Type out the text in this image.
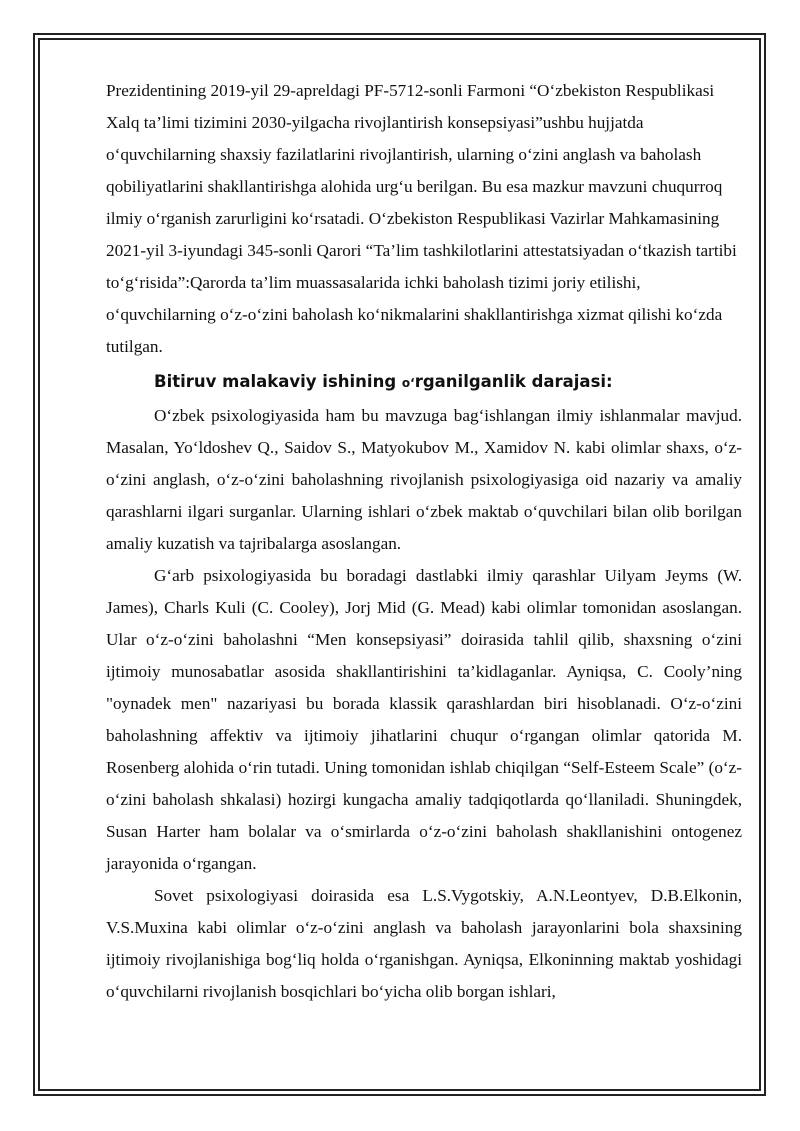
Prezidentining 2019-yil 29-apreldagi PF-5712-sonli Farmoni “O‘zbekiston Respublikasi Xalq ta’limi tizimini 2030-yilgacha rivojlantirish konsepsiyasi”ushbu hujjatda o‘quvchilarning shaxsiy fazilatlarini rivojlantirish, ularning o‘zini anglash va baholash qobiliyatlarini shakllantirishga alohida urg‘u berilgan. Bu esa mazkur mavzuni chuqurroq ilmiy o‘rganish zarurligini ko‘rsatadi. O‘zbekiston Respublikasi Vazirlar Mahkamasining 2021-yil 3-iyundagi 345-sonli Qarori “Ta’lim tashkilotlarini attestatsiyadan o‘tkazish tartibi to‘g‘risida”:Qarorda ta’lim muassasalarida ichki baholash tizimi joriy etilishi, o‘quvchilarning o‘z-o‘zini baholash ko‘nikmalarini shakllantirishga xizmat qilishi ko‘zda tutilgan.

Bitiruv malakaviy ishining o‘rganilganlik darajasi:

O‘zbek psixologiyasida ham bu mavzuga bag‘ishlangan ilmiy ishlanmalar mavjud. Masalan, Yo‘ldoshev Q., Saidov S., Matyokubov M., Xamidov N. kabi olimlar shaxs, o‘z-o‘zini anglash, o‘z-o‘zini baholashning rivojlanish psixologiyasiga oid nazariy va amaliy qarashlarni ilgari surganlar. Ularning ishlari o‘zbek maktab o‘quvchilari bilan olib borilgan amaliy kuzatish va tajribalarga asoslangan.

G‘arb psixologiyasida bu boradagi dastlabki ilmiy qarashlar Uilyam Jeyms (W. James), Charls Kuli (C. Cooley), Jorj Mid (G. Mead) kabi olimlar tomonidan asoslangan. Ular o‘z-o‘zini baholashni “Men konsepsiyasi” doirasida tahlil qilib, shaxsning o‘zini ijtimoiy munosabatlar asosida shakllantirishini ta’kidlaganlar. Ayniqsa, C. Cooly’ning "oynadek men" nazariyasi bu borada klassik qarashlardan biri hisoblanadi. O‘z-o‘zini baholashning affektiv va ijtimoiy jihatlarini chuqur o‘rgangan olimlar qatorida M. Rosenberg alohida o‘rin tutadi. Uning tomonidan ishlab chiqilgan “Self-Esteem Scale” (o‘z-o‘zini baholash shkalasi) hozirgi kungacha amaliy tadqiqotlarda qo‘llaniladi. Shuningdek, Susan Harter ham bolalar va o‘smirlarda o‘z-o‘zini baholash shakllanishini ontogenez jarayonida o‘rgangan.

Sovet psixologiyasi doirasida esa L.S.Vygotskiy, A.N.Leontyev, D.B.Elkonin, V.S.Muxina kabi olimlar o‘z-o‘zini anglash va baholash jarayonlarini bola shaxsining ijtimoiy rivojlanishiga bog‘liq holda o‘rganishgan. Ayniqsa, Elkoninning maktab yoshidagi o‘quvchilarni rivojlanish bosqichlari bo‘yicha olib borgan ishlari,
